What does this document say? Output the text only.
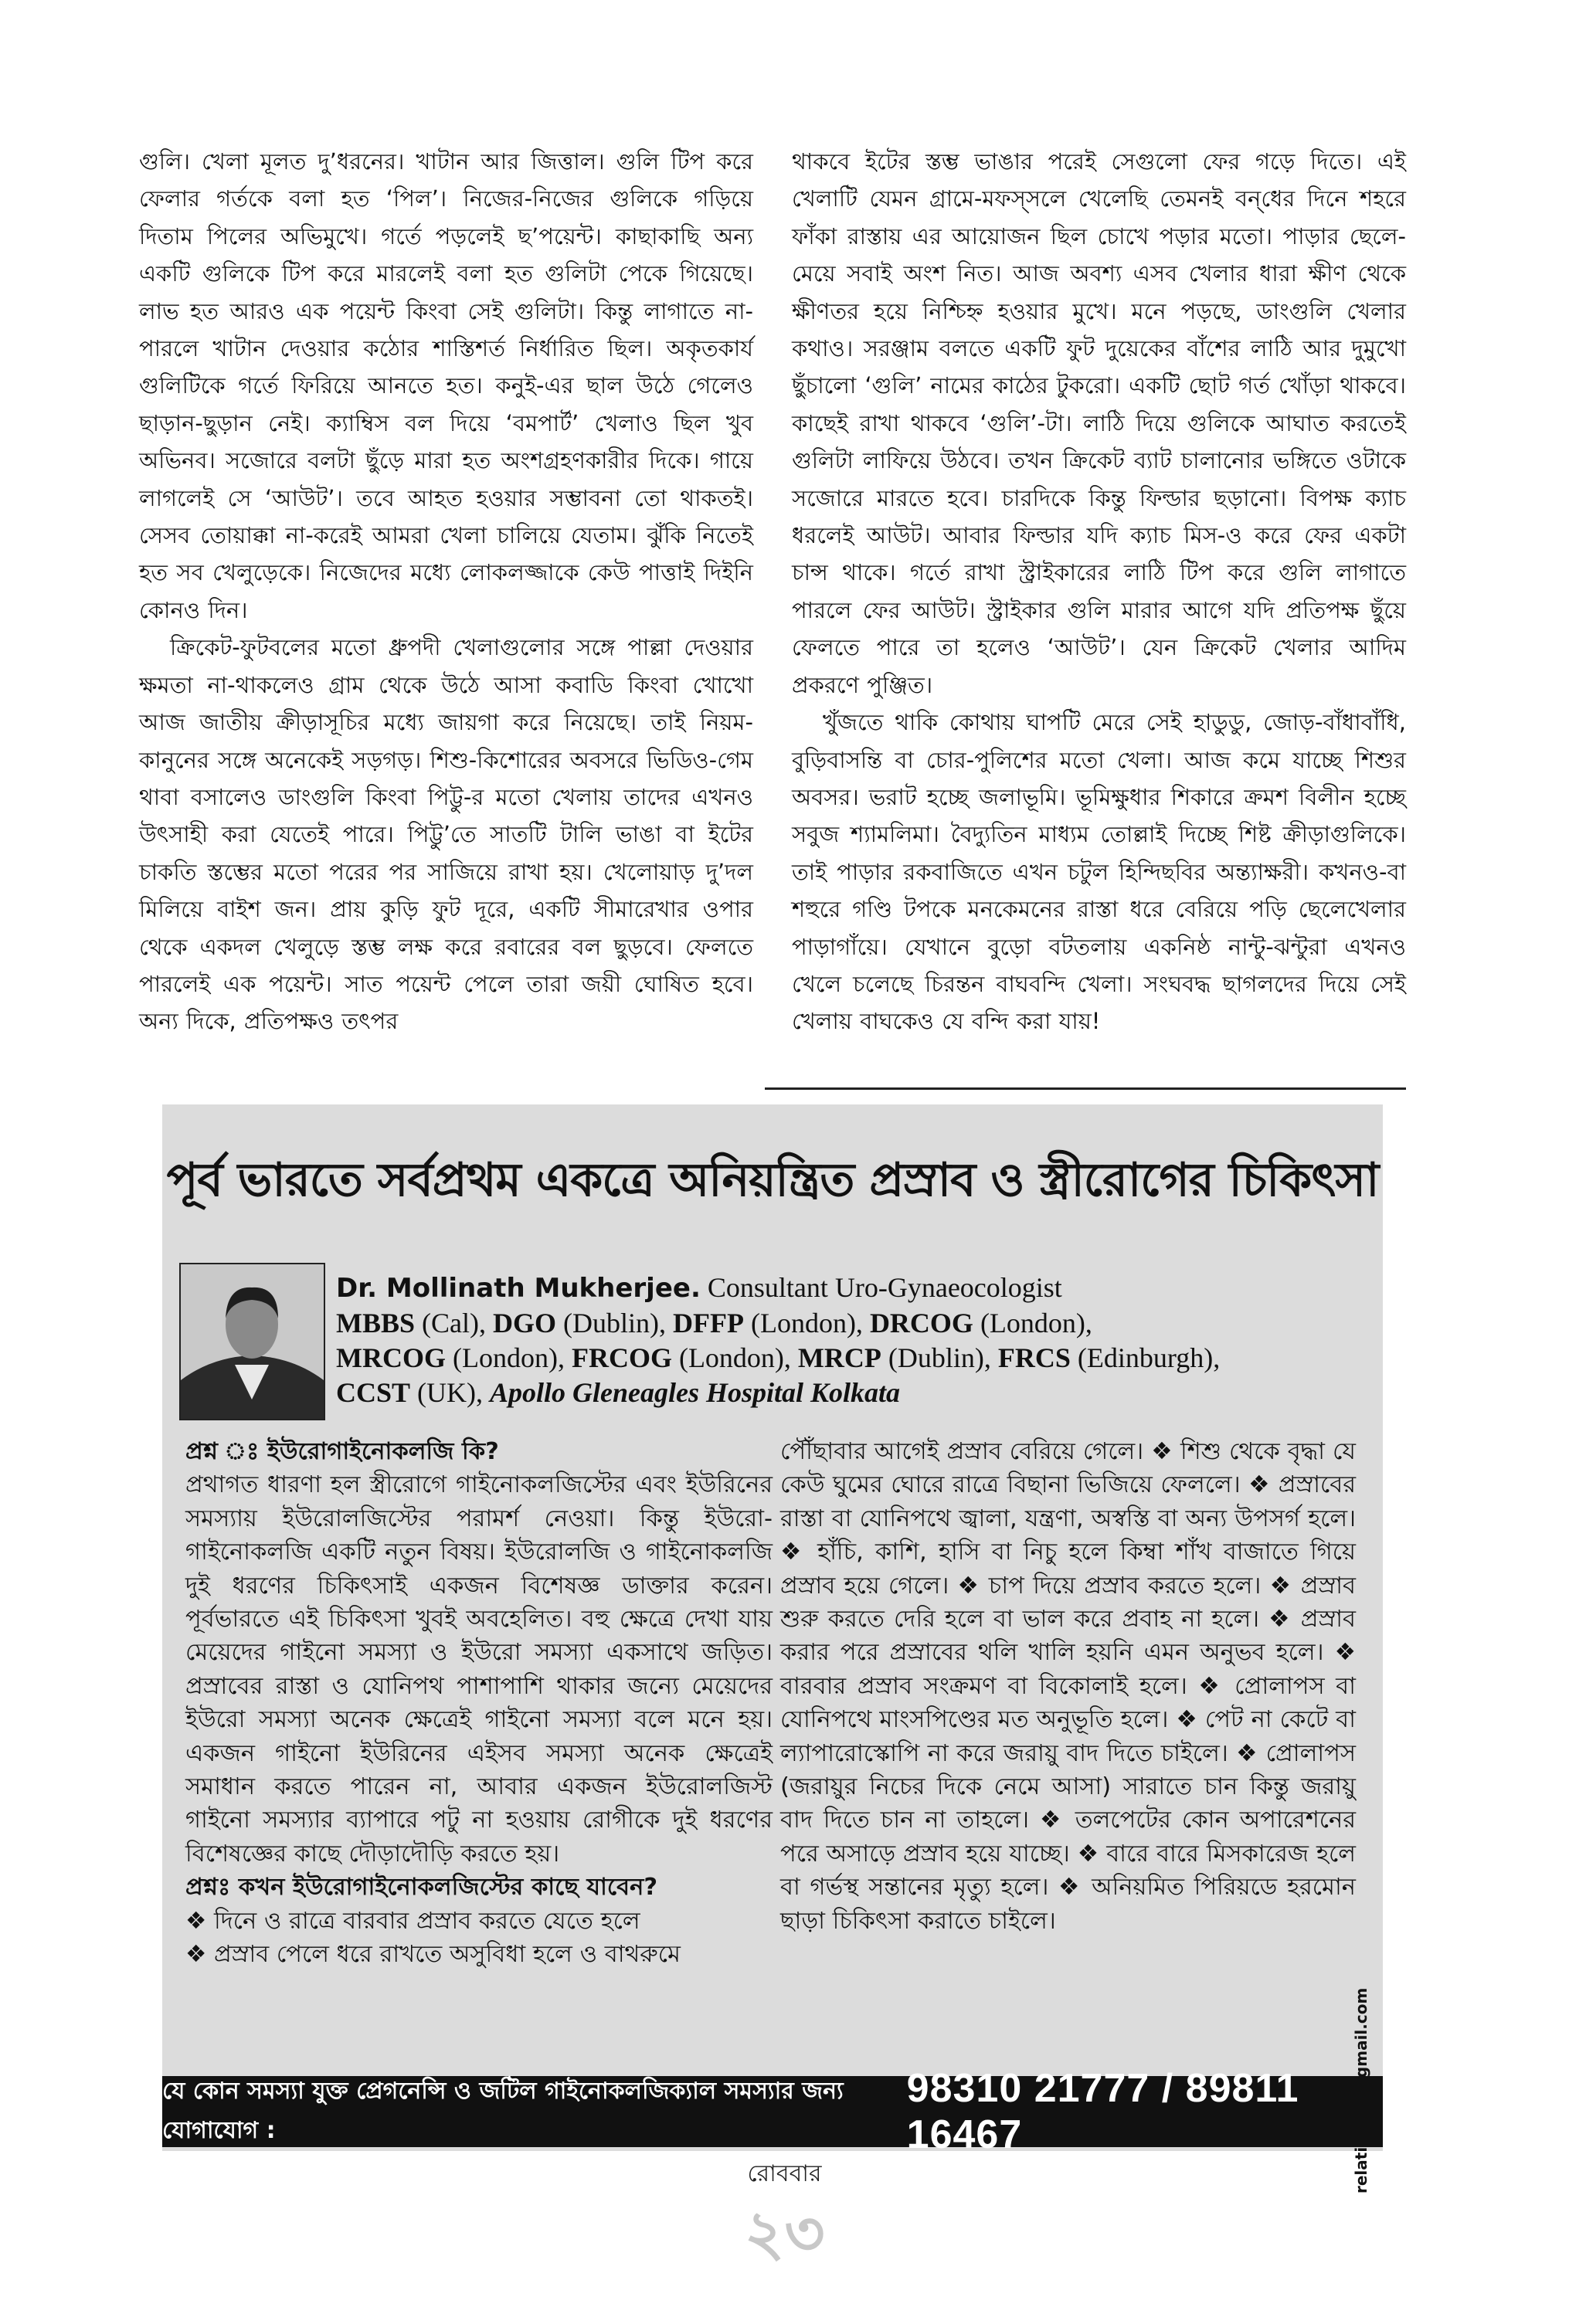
গুলি। খেলা মূলত দু’ধরনের। খাটান আর জিত্তাল। গুলি টিপ করে ফেলার গর্তকে বলা হত ‘পিল’। নিজের-নিজের গুলিকে গড়িয়ে দিতাম পিলের অভিমুখে। গর্তে পড়লেই ছ’পয়েন্ট। কাছাকাছি অন্য একটি গুলিকে টিপ করে মারলেই বলা হত গুলিটা পেকে গিয়েছে। লাভ হত আরও এক পয়েন্ট কিংবা সেই গুলিটা। কিন্তু লাগাতে না-পারলে খাটান দেওয়ার কঠোর শাস্তিশর্ত নির্ধারিত ছিল। অকৃতকার্য গুলিটিকে গর্তে ফিরিয়ে আনতে হত। কনুই-এর ছাল উঠে গেলেও ছাড়ান-ছুড়ান নেই। ক্যাম্বিস বল দিয়ে ‘বমপার্ট’ খেলাও ছিল খুব অভিনব। সজোরে বলটা ছুঁড়ে মারা হত অংশগ্রহণকারীর দিকে। গায়ে লাগলেই সে ‘আউট’। তবে আহত হওয়ার সম্ভাবনা তো থাকতই। সেসব তোয়াক্কা না-করেই আমরা খেলা চালিয়ে যেতাম। ঝুঁকি নিতেই হত সব খেলুড়েকে। নিজেদের মধ্যে লোকলজ্জাকে কেউ পাত্তাই দিইনি কোনও দিন।

ক্রিকেট-ফুটবলের মতো ধ্রুপদী খেলাগুলোর সঙ্গে পাল্লা দেওয়ার ক্ষমতা না-থাকলেও গ্রাম থেকে উঠে আসা কবাডি কিংবা খোখো আজ জাতীয় ক্রীড়াসূচির মধ্যে জায়গা করে নিয়েছে। তাই নিয়ম-কানুনের সঙ্গে অনেকেই সড়গড়। শিশু-কিশোরের অবসরে ভিডিও-গেম থাবা বসালেও ডাংগুলি কিংবা পিট্টু-র মতো খেলায় তাদের এখনও উৎসাহী করা যেতেই পারে। পিট্টু’তে সাতটি টালি ভাঙা বা ইটের চাকতি স্তম্ভের মতো পরের পর সাজিয়ে রাখা হয়। খেলোয়াড় দু’দল মিলিয়ে বাইশ জন। প্রায় কুড়ি ফুট দূরে, একটি সীমারেখার ওপার থেকে একদল খেলুড়ে স্তম্ভ লক্ষ করে রবারের বল ছুড়বে। ফেলতে পারলেই এক পয়েন্ট। সাত পয়েন্ট পেলে তারা জয়ী ঘোষিত হবে। অন্য দিকে, প্রতিপক্ষও তৎপর

থাকবে ইটের স্তম্ভ ভাঙার পরেই সেগুলো ফের গড়ে দিতে। এই খেলাটি যেমন গ্রামে-মফস্‌সলে খেলেছি তেমনই বন্‌ধের দিনে শহরে ফাঁকা রাস্তায় এর আয়োজন ছিল চোখে পড়ার মতো। পাড়ার ছেলে-মেয়ে সবাই অংশ নিত। আজ অবশ্য এসব খেলার ধারা ক্ষীণ থেকে ক্ষীণতর হয়ে নিশ্চিহ্ন হওয়ার মুখে। মনে পড়ছে, ডাংগুলি খেলার কথাও। সরঞ্জাম বলতে একটি ফুট দুয়েকের বাঁশের লাঠি আর দুমুখো ছুঁচালো ‘গুলি’ নামের কাঠের টুকরো। একটি ছোট গর্ত খোঁড়া থাকবে। কাছেই রাখা থাকবে ‘গুলি’-টা। লাঠি দিয়ে গুলিকে আঘাত করতেই গুলিটা লাফিয়ে উঠবে। তখন ক্রিকেট ব্যাট চালানোর ভঙ্গিতে ওটাকে সজোরে মারতে হবে। চারদিকে কিন্তু ফিল্ডার ছড়ানো। বিপক্ষ ক্যাচ ধরলেই আউট। আবার ফিল্ডার যদি ক্যাচ মিস-ও করে ফের একটা চান্স থাকে। গর্তে রাখা স্ট্রাইকারের লাঠি টিপ করে গুলি লাগাতে পারলে ফের আউট। স্ট্রাইকার গুলি মারার আগে যদি প্রতিপক্ষ ছুঁয়ে ফেলতে পারে তা হলেও ‘আউট’। যেন ক্রিকেট খেলার আদিম প্রকরণে পুঞ্জিত।

খুঁজতে থাকি কোথায় ঘাপটি মেরে সেই হাডুডু, জোড়-বাঁধাবাঁধি, বুড়িবাসন্তি বা চোর-পুলিশের মতো খেলা। আজ কমে যাচ্ছে শিশুর অবসর। ভরাট হচ্ছে জলাভূমি। ভূমিক্ষুধার শিকারে ক্রমশ বিলীন হচ্ছে সবুজ শ্যামলিমা। বৈদ্যুতিন মাধ্যম তোল্লাই দিচ্ছে শিষ্ট ক্রীড়াগুলিকে। তাই পাড়ার রকবাজিতে এখন চটুল হিন্দিছবির অন্ত্যাক্ষরী। কখনও-বা শহুরে গণ্ডি টপকে মনকেমনের রাস্তা ধরে বেরিয়ে পড়ি ছেলেখেলার পাড়াগাঁয়ে। যেখানে বুড়ো বটতলায় একনিষ্ঠ নান্টু-ঝন্টুরা এখনও খেলে চলেছে চিরন্তন বাঘবন্দি খেলা। সংঘবদ্ধ ছাগলদের দিয়ে সেই খেলায় বাঘকেও যে বন্দি করা যায়!

পূর্ব ভারতে সর্বপ্রথম একত্রে অনিয়ন্ত্রিত প্রস্রাব ও স্ত্রীরোগের চিকিৎসা
Dr. Mollinath Mukherjee. Consultant Uro-Gynaeocologist
MBBS (Cal), DGO (Dublin), DFFP (London), DRCOG (London),
MRCOG (London), FRCOG (London), MRCP (Dublin), FRCS (Edinburgh),
CCST (UK), Apollo Gleneagles Hospital Kolkata

প্রশ্ন ঃ ইউরোগাইনোকলজি কি?

প্রথাগত ধারণা হল স্ত্রীরোগে গাইনোকলজিস্টের এবং ইউরিনের সমস্যায় ইউরোলজিস্টের পরামর্শ নেওয়া। কিন্তু ইউরো-গাইনোকলজি একটি নতুন বিষয়। ইউরোলজি ও গাইনোকলজি দুই ধরণের চিকিৎসাই একজন বিশেষজ্ঞ ডাক্তার করেন। পূর্বভারতে এই চিকিৎসা খুবই অবহেলিত। বহু ক্ষেত্রে দেখা যায় মেয়েদের গাইনো সমস্যা ও ইউরো সমস্যা একসাথে জড়িত। প্রস্রাবের রাস্তা ও যোনিপথ পাশাপাশি থাকার জন্যে মেয়েদের ইউরো সমস্যা অনেক ক্ষেত্রেই গাইনো সমস্যা বলে মনে হয়। একজন গাইনো ইউরিনের এইসব সমস্যা অনেক ক্ষেত্রেই সমাধান করতে পারেন না, আবার একজন ইউরোলজিস্ট গাইনো সমস্যার ব্যাপারে পটু না হওয়ায় রোগীকে দুই ধরণের বিশেষজ্ঞের কাছে দৌড়াদৌড়ি করতে হয়।

প্রশ্নঃ কখন ইউরোগাইনোকলজিস্টের কাছে যাবেন?

❖ দিনে ও রাত্রে বারবার প্রস্রাব করতে যেতে হলে

❖ প্রস্রাব পেলে ধরে রাখতে অসুবিধা হলে ও বাথরুমে

পৌঁছাবার আগেই প্রস্রাব বেরিয়ে গেলে। ❖ শিশু থেকে বৃদ্ধা যে কেউ ঘুমের ঘোরে রাত্রে বিছানা ভিজিয়ে ফেললে। ❖ প্রস্রাবের রাস্তা বা যোনিপথে জ্বালা, যন্ত্রণা, অস্বস্তি বা অন্য উপসর্গ হলে। ❖ হাঁচি, কাশি, হাসি বা নিচু হলে কিম্বা শাঁখ বাজাতে গিয়ে প্রস্রাব হয়ে গেলে। ❖ চাপ দিয়ে প্রস্রাব করতে হলে। ❖ প্রস্রাব শুরু করতে দেরি হলে বা ভাল করে প্রবাহ না হলে। ❖ প্রস্রাব করার পরে প্রস্রাবের থলি খালি হয়নি এমন অনুভব হলে। ❖ বারবার প্রস্রাব সংক্রমণ বা বিকোলাই হলে। ❖ প্রোলাপস বা যোনিপথে মাংসপিণ্ডের মত অনুভূতি হলে। ❖ পেট না কেটে বা ল্যাপারোস্কোপি না করে জরায়ু বাদ দিতে চাইলে। ❖ প্রোলাপস (জরায়ুর নিচের দিকে নেমে আসা) সারাতে চান কিন্তু জরায়ু বাদ দিতে চান না তাহলে। ❖ তলপেটের কোন অপারেশনের পরে অসাড়ে প্রস্রাব হয়ে যাচ্ছে। ❖ বারে বারে মিসকারেজ হলে বা গর্ভস্থ সন্তানের মৃত্যু হলে। ❖ অনিয়মিত পিরিয়ডে হরমোন ছাড়া চিকিৎসা করাতে চাইলে।

যে কোন সমস্যা যুক্ত প্রেগনেন্সি ও জটিল গাইনোকলজিক্যাল সমস্যার জন্য যোগাযোগ :
98310 21777 / 89811 16467
রোববার
২৩
